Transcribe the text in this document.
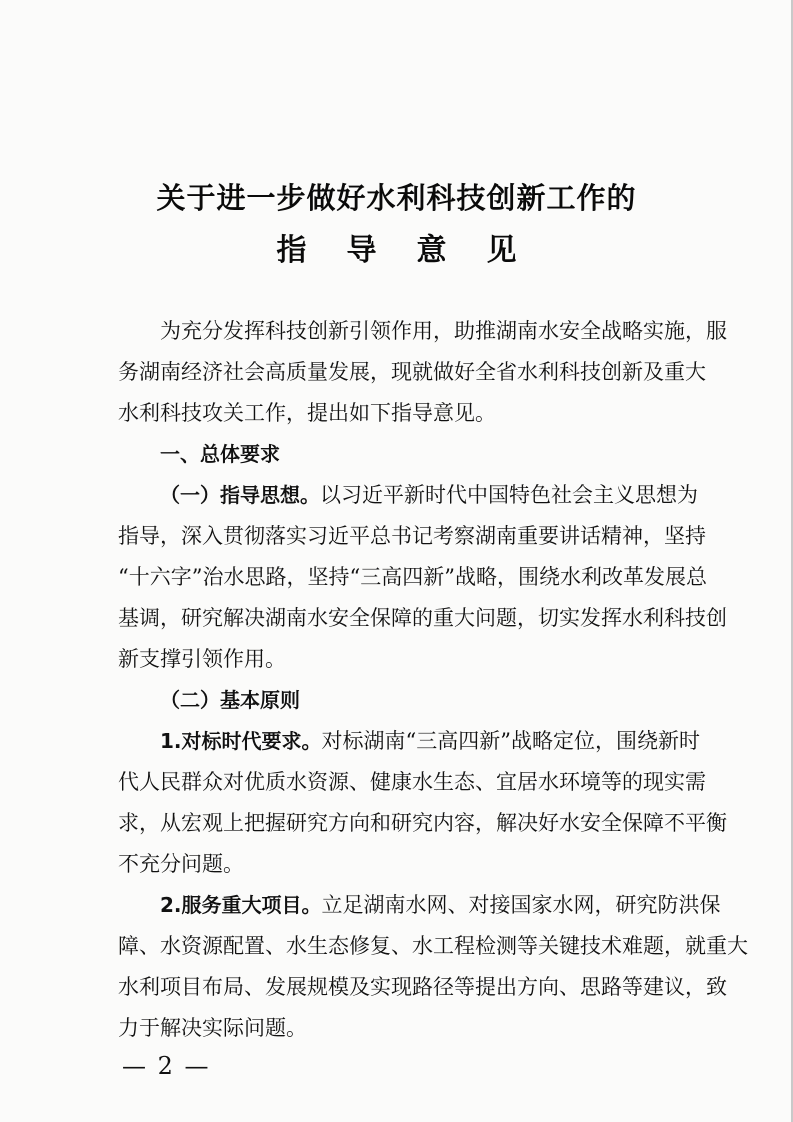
关于进一步做好水利科技创新工作的
指导意见
为充分发挥科技创新引领作用，助推湖南水安全战略实施，服
务湖南经济社会高质量发展，现就做好全省水利科技创新及重大
水利科技攻关工作，提出如下指导意见。
一、总体要求
（一）指导思想。以习近平新时代中国特色社会主义思想为
指导，深入贯彻落实习近平总书记考察湖南重要讲话精神，坚持
“十六字”治水思路，坚持“三高四新”战略，围绕水利改革发展总
基调，研究解决湖南水安全保障的重大问题，切实发挥水利科技创
新支撑引领作用。
（二）基本原则
1.对标时代要求。对标湖南“三高四新”战略定位，围绕新时
代人民群众对优质水资源、健康水生态、宜居水环境等的现实需
求，从宏观上把握研究方向和研究内容，解决好水安全保障不平衡
不充分问题。
2.服务重大项目。立足湖南水网、对接国家水网，研究防洪保
障、水资源配置、水生态修复、水工程检测等关键技术难题，就重大
水利项目布局、发展规模及实现路径等提出方向、思路等建议，致
力于解决实际问题。
— 2 —
